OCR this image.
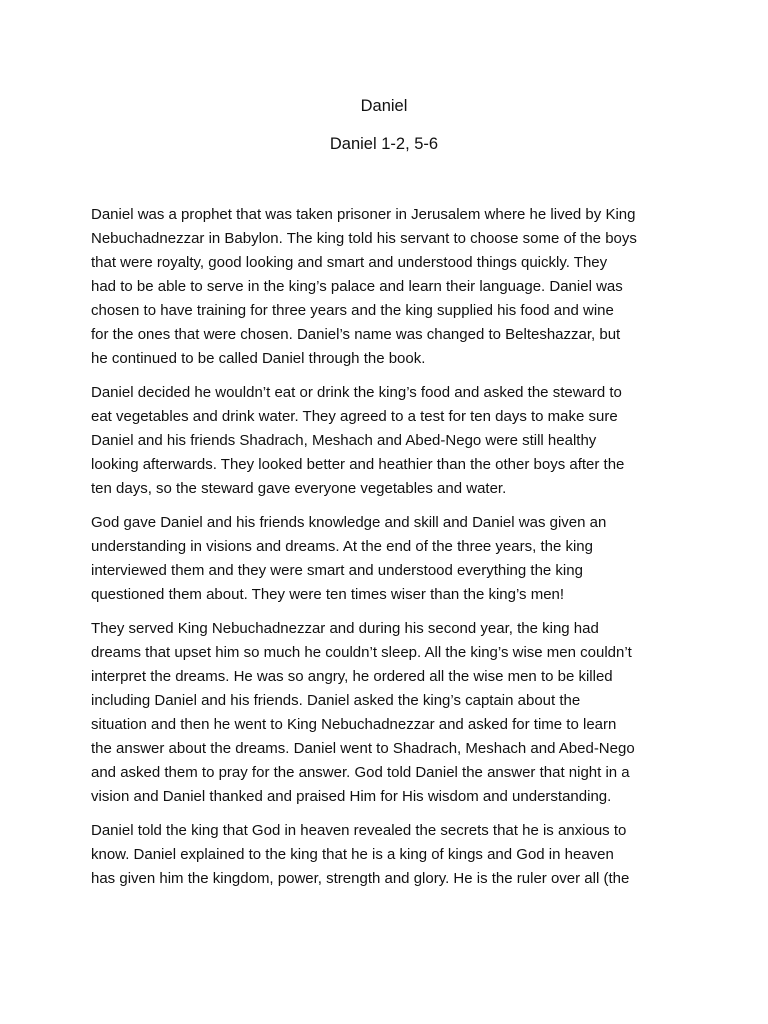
Daniel
Daniel 1-2, 5-6

Daniel was a prophet that was taken prisoner in Jerusalem where he lived by King
Nebuchadnezzar in Babylon. The king told his servant to choose some of the boys
that were royalty, good looking and smart and understood things quickly. They
had to be able to serve in the king’s palace and learn their language. Daniel was
chosen to have training for three years and the king supplied his food and wine
for the ones that were chosen. Daniel’s name was changed to Belteshazzar, but
he continued to be called Daniel through the book.

Daniel decided he wouldn’t eat or drink the king’s food and asked the steward to
eat vegetables and drink water. They agreed to a test for ten days to make sure
Daniel and his friends Shadrach, Meshach and Abed-Nego were still healthy
looking afterwards. They looked better and heathier than the other boys after the
ten days, so the steward gave everyone vegetables and water.

God gave Daniel and his friends knowledge and skill and Daniel was given an
understanding in visions and dreams. At the end of the three years, the king
interviewed them and they were smart and understood everything the king
questioned them about. They were ten times wiser than the king’s men!

They served King Nebuchadnezzar and during his second year, the king had
dreams that upset him so much he couldn’t sleep. All the king’s wise men couldn’t
interpret the dreams. He was so angry, he ordered all the wise men to be killed
including Daniel and his friends. Daniel asked the king’s captain about the
situation and then he went to King Nebuchadnezzar and asked for time to learn
the answer about the dreams. Daniel went to Shadrach, Meshach and Abed-Nego
and asked them to pray for the answer. God told Daniel the answer that night in a
vision and Daniel thanked and praised Him for His wisdom and understanding.

Daniel told the king that God in heaven revealed the secrets that he is anxious to
know. Daniel explained to the king that he is a king of kings and God in heaven
has given him the kingdom, power, strength and glory. He is the ruler over all (the
